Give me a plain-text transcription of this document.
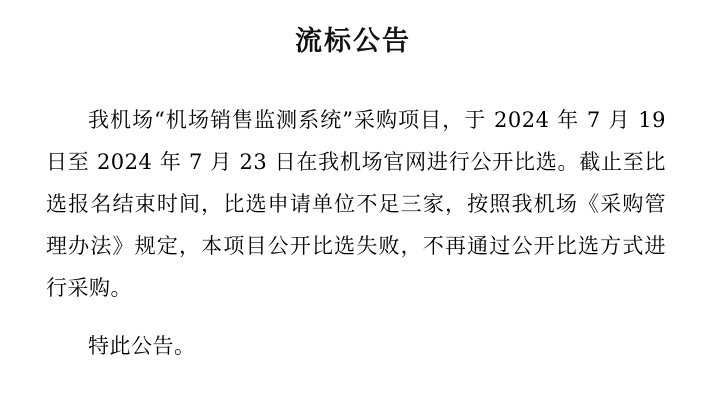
流标公告

我机场“机场销售监测系统”采购项目，于 2024 年 7 月 19 日至 2024 年 7 月 23 日在我机场官网进行公开比选。截止至比选报名结束时间，比选申请单位不足三家，按照我机场《采购管理办法》规定，本项目公开比选失败，不再通过公开比选方式进行采购。

特此公告。
